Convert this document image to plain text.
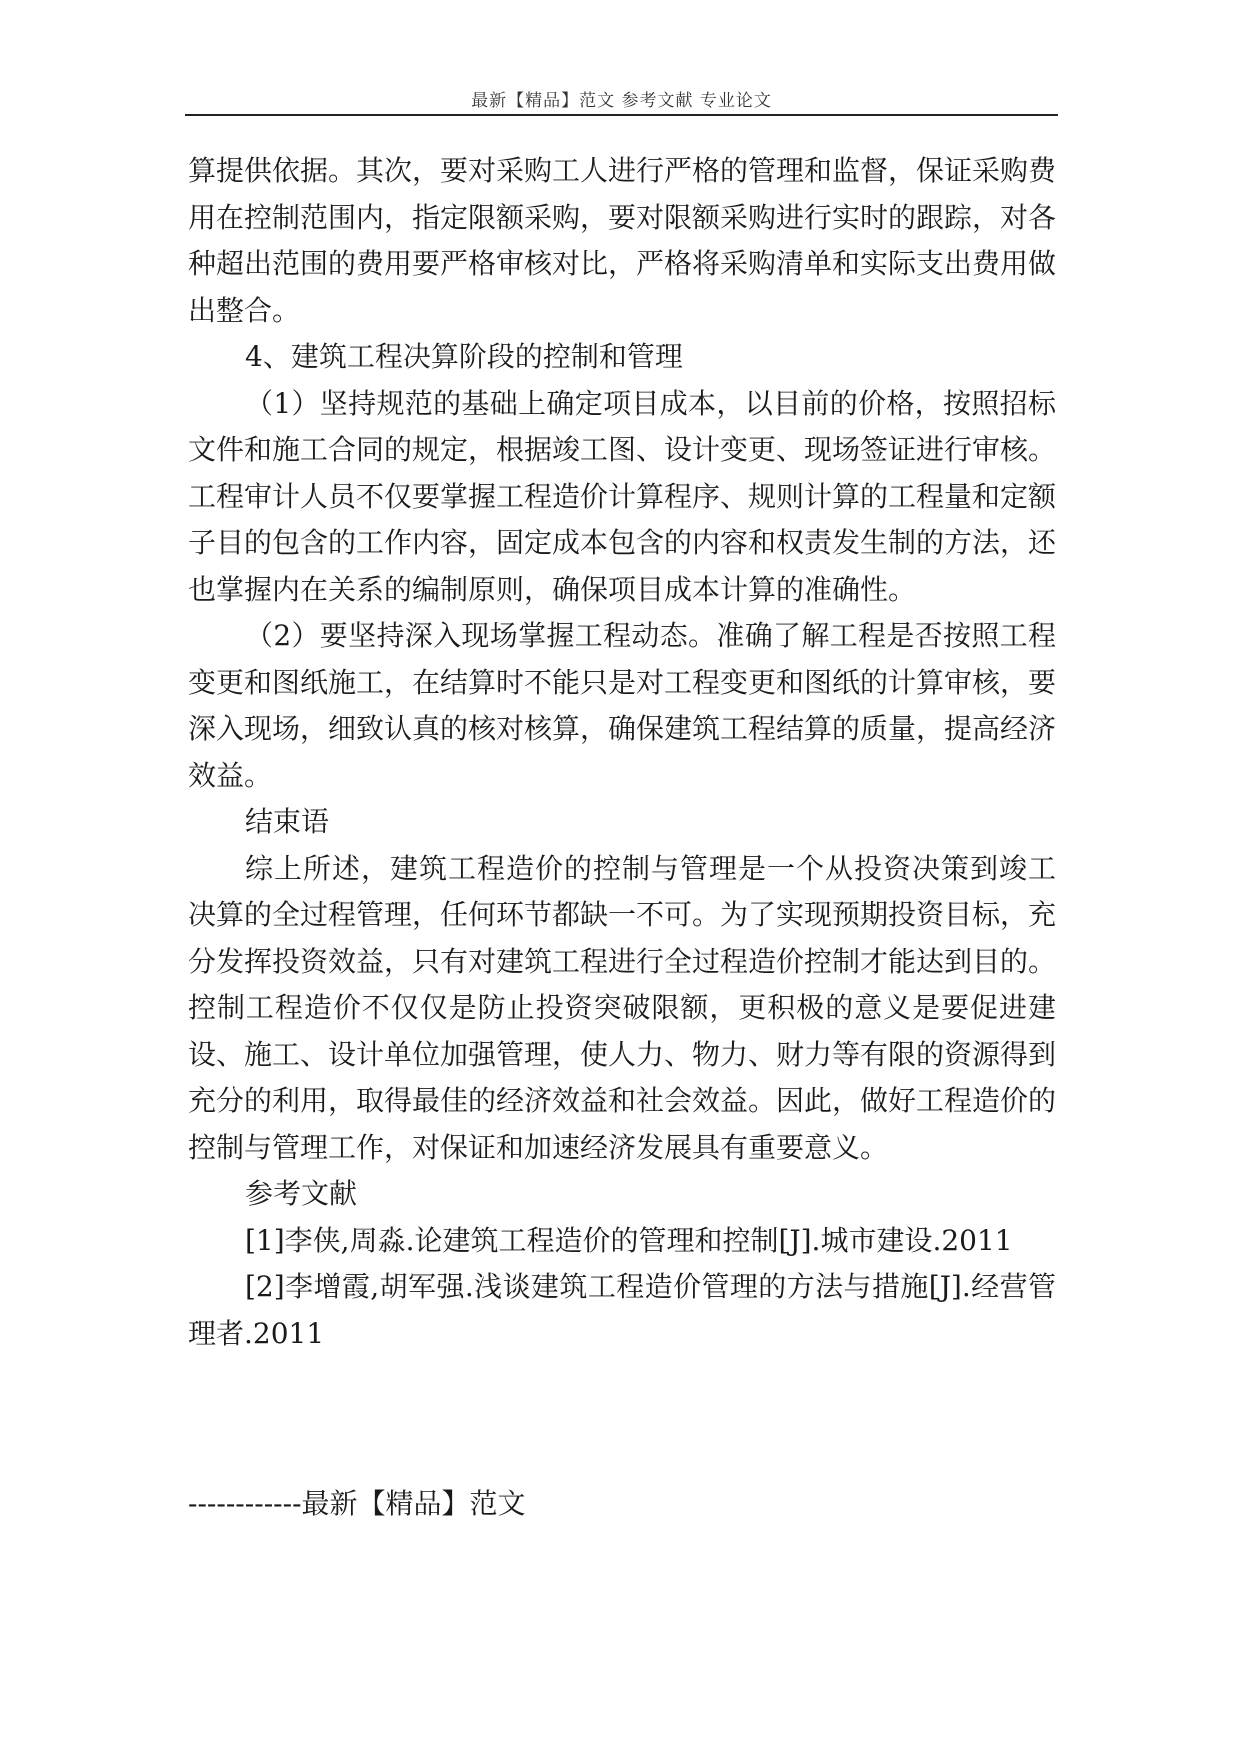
最新【精品】范文 参考文献 专业论文

算提供依据。其次，要对采购工人进行严格的管理和监督，保证采购费用在控制范围内，指定限额采购，要对限额采购进行实时的跟踪，对各种超出范围的费用要严格审核对比，严格将采购清单和实际支出费用做出整合。

4、建筑工程决算阶段的控制和管理

（1）坚持规范的基础上确定项目成本，以目前的价格，按照招标文件和施工合同的规定，根据竣工图、设计变更、现场签证进行审核。工程审计人员不仅要掌握工程造价计算程序、规则计算的工程量和定额子目的包含的工作内容，固定成本包含的内容和权责发生制的方法，还也掌握内在关系的编制原则，确保项目成本计算的准确性。

（2）要坚持深入现场掌握工程动态。准确了解工程是否按照工程变更和图纸施工，在结算时不能只是对工程变更和图纸的计算审核，要深入现场，细致认真的核对核算，确保建筑工程结算的质量，提高经济效益。

结束语

综上所述，建筑工程造价的控制与管理是一个从投资决策到竣工决算的全过程管理，任何环节都缺一不可。为了实现预期投资目标，充分发挥投资效益，只有对建筑工程进行全过程造价控制才能达到目的。控制工程造价不仅仅是防止投资突破限额，更积极的意义是要促进建设、施工、设计单位加强管理，使人力、物力、财力等有限的资源得到充分的利用，取得最佳的经济效益和社会效益。因此，做好工程造价的控制与管理工作，对保证和加速经济发展具有重要意义。

参考文献

[1]李侠,周淼.论建筑工程造价的管理和控制[J].城市建设.2011

[2]李增霞,胡军强.浅谈建筑工程造价管理的方法与措施[J].经营管理者.2011

------------最新【精品】范文
